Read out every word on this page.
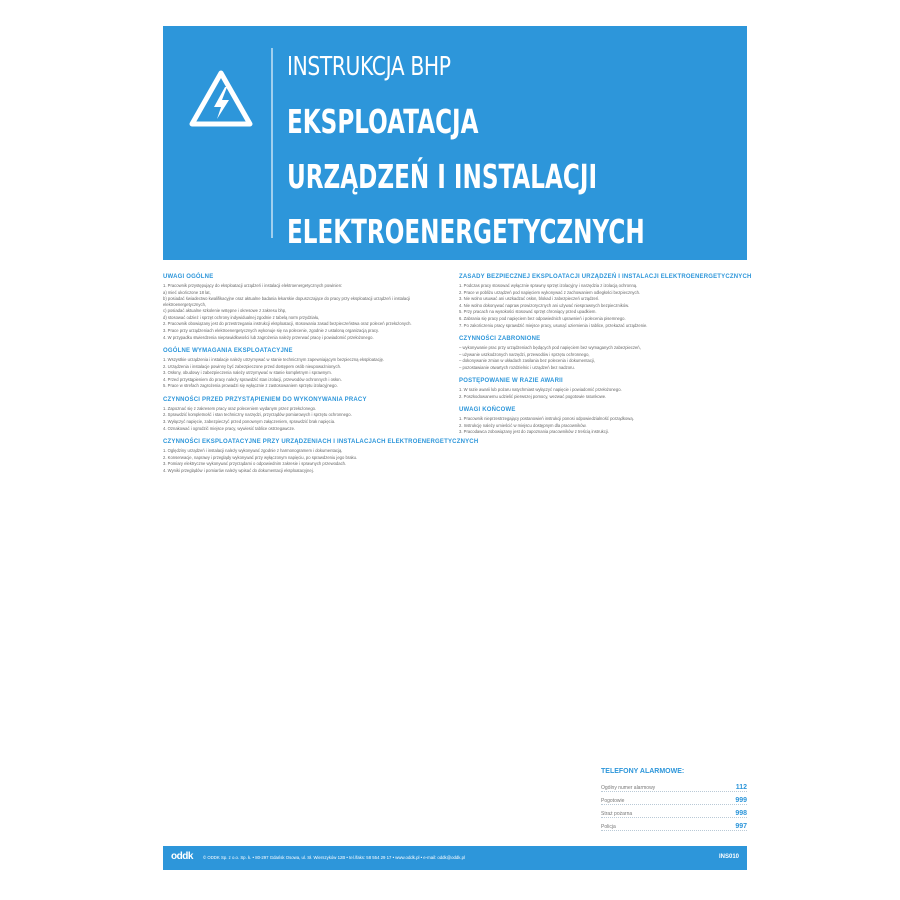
INSTRUKCJA BHP
EKSPLOATACJA
URZĄDZEŃ I INSTALACJI
ELEKTROENERGETYCZNYCH
UWAGI OGÓLNE

1. Pracownik przystępujący do eksploatacji urządzeń i instalacji elektroenergetycznych powinien:

a) mieć ukończone 18 lat,

b) posiadać świadectwo kwalifikacyjne oraz aktualne badania lekarskie dopuszczające do pracy przy eksploatacji urządzeń i instalacji elektroenergetycznych,

c) posiadać aktualne szkolenie wstępne i okresowe z zakresu bhp,

d) stosować odzież i sprzęt ochrony indywidualnej zgodnie z tabelą norm przydziału,

2. Pracownik obowiązany jest do przestrzegania instrukcji eksploatacji, stosowania zasad bezpieczeństwa oraz poleceń przełożonych.

3. Prace przy urządzeniach elektroenergetycznych wykonuje się na polecenie, zgodnie z ustaloną organizacją pracy.

4. W przypadku stwierdzenia nieprawidłowości lub zagrożenia należy przerwać pracę i powiadomić przełożonego.

OGÓLNE WYMAGANIA EKSPLOATACYJNE

1. Wszystkie urządzenia i instalacje należy utrzymywać w stanie technicznym zapewniającym bezpieczną eksploatację.

2. Urządzenia i instalacje powinny być zabezpieczone przed dostępem osób nieupoważnionych.

3. Osłony, obudowy i zabezpieczenia należy utrzymywać w stanie kompletnym i sprawnym.

4. Przed przystąpieniem do pracy należy sprawdzić stan izolacji, przewodów ochronnych i osłon.

5. Prace w strefach zagrożenia prowadzi się wyłącznie z zastosowaniem sprzętu izolacyjnego.

CZYNNOŚCI PRZED PRZYSTĄPIENIEM DO WYKONYWANIA PRACY

1. Zapoznać się z zakresem pracy oraz poleceniem wydanym przez przełożonego.

2. Sprawdzić kompletność i stan techniczny narzędzi, przyrządów pomiarowych i sprzętu ochronnego.

3. Wyłączyć napięcie, zabezpieczyć przed ponownym załączeniem, sprawdzić brak napięcia.

4. Oznakować i ogrodzić miejsce pracy, wywiesić tablice ostrzegawcze.

CZYNNOŚCI EKSPLOATACYJNE PRZY URZĄDZENIACH I INSTALACJACH ELEKTROENERGETYCZNYCH

1. Oględziny urządzeń i instalacji należy wykonywać zgodnie z harmonogramem i dokumentacją.

2. Konserwacje, naprawy i przeglądy wykonywać przy wyłączonym napięciu, po sprawdzeniu jego braku.

3. Pomiary elektryczne wykonywać przyrządami o odpowiednim zakresie i sprawnych przewodach.

4. Wyniki przeglądów i pomiarów należy wpisać do dokumentacji eksploatacyjnej.

ZASADY BEZPIECZNEJ EKSPLOATACJI URZĄDZEŃ I INSTALACJI ELEKTROENERGETYCZNYCH

1. Podczas pracy stosować wyłącznie sprawny sprzęt izolacyjny i narzędzia z izolacją ochronną.

2. Prace w pobliżu urządzeń pod napięciem wykonywać z zachowaniem odległości bezpiecznych.

3. Nie wolno usuwać ani uszkadzać osłon, blokad i zabezpieczeń urządzeń.

4. Nie wolno dokonywać napraw prowizorycznych ani używać niesprawnych bezpieczników.

5. Przy pracach na wysokości stosować sprzęt chroniący przed upadkiem.

6. Zabrania się pracy pod napięciem bez odpowiednich uprawnień i polecenia pisemnego.

7. Po zakończeniu pracy sprawdzić miejsce pracy, usunąć uziemienia i tablice, przekazać urządzenie.

CZYNNOŚCI ZABRONIONE

– wykonywanie prac przy urządzeniach będących pod napięciem bez wymaganych zabezpieczeń,

– używanie uszkodzonych narzędzi, przewodów i sprzętu ochronnego,

– dokonywanie zmian w układach zasilania bez polecenia i dokumentacji,

– pozostawianie otwartych rozdzielnic i urządzeń bez nadzoru.

POSTĘPOWANIE W RAZIE AWARII

1. W razie awarii lub pożaru natychmiast wyłączyć napięcie i powiadomić przełożonego.

2. Poszkodowanemu udzielić pierwszej pomocy, wezwać pogotowie ratunkowe.

UWAGI KOŃCOWE

1. Pracownik nieprzestrzegający postanowień instrukcji ponosi odpowiedzialność porządkową.

2. Instrukcję należy umieścić w miejscu dostępnym dla pracowników.

3. Pracodawca zobowiązany jest do zapoznania pracowników z treścią instrukcji.

TELEFONY ALARMOWE:
Ogólny numer alarmowy	112
Pogotowie	999
Straż pożarna	998
Policja	997
oddk © ODDK Sp. z o.o. Sp. k. • 80-297 Gdańsk Osowa, ul. Sł. Wierszyków 12B • tel./faks: 58 554 29 17 • www.oddk.pl • e-mail: oddk@oddk.pl	INS010
